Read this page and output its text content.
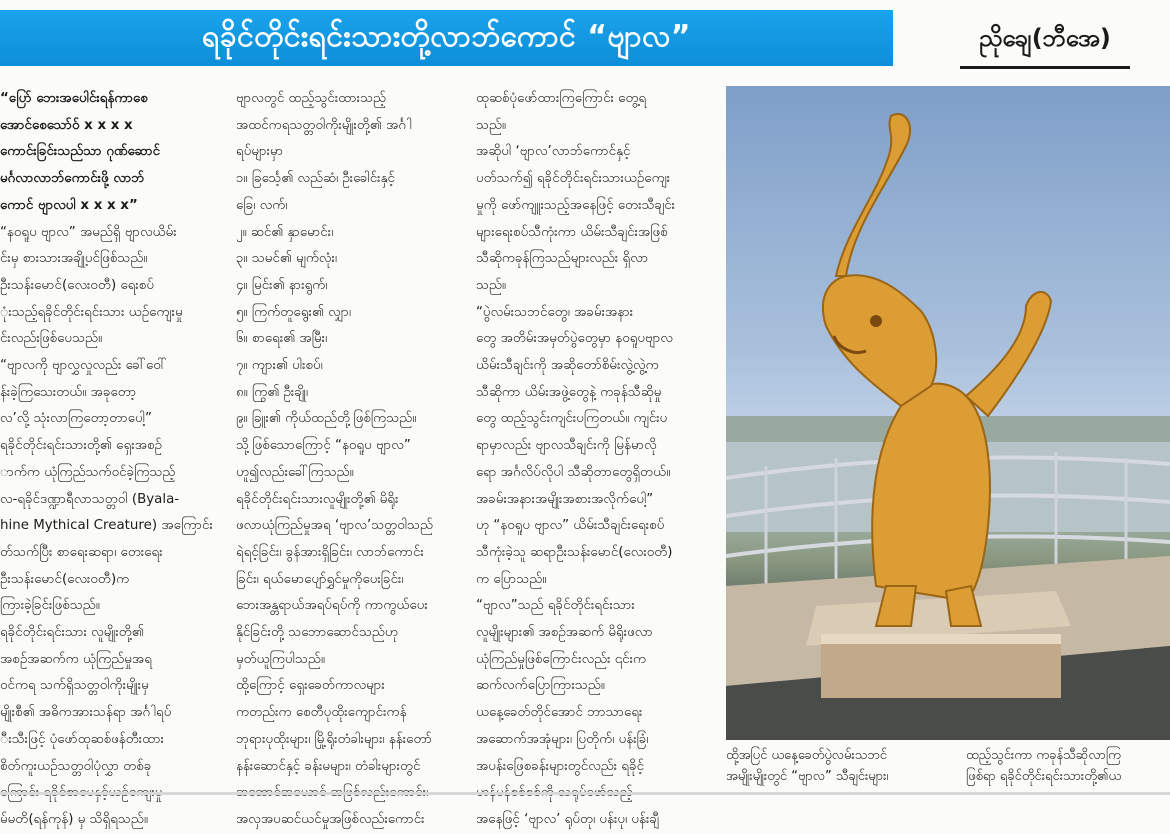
ရခိုင်တိုင်းရင်းသားတို့လာဘ်ကောင် “ဗျာလ”	ညိုချေ(ဘီအေ)

“ပြော် ဘေးအပေါင်းရန်ကာစေ

အောင်စေသော်ဝ် x x x x

ကောင်းခြင်းသည်သာ ဂုဏ်ဆောင်

မင်္ဂလာလာဘ်ကောင်းဖို့ လာဘ်

ကောင် ဗျာလပါ x x x x”

“နဝရူပ ဗျာလ” အမည်ရှိ ဗျာလယိမ်း

င်းမှ စားသားအချို့ပင်ဖြစ်သည်။

ဦးသန်းမောင်(လေးဝတီ) ရေးစပ်

ုံးသည့်ရခိုင်တိုင်းရင်းသား ယဉ်ကျေးမှု

င်းလည်းဖြစ်ပေသည်။

“ဗျာလကို ဗျာလွှလှုလည်း ခေါ်ဝေါ်

န်းခဲ့ကြသေးတယ်။ အခုတော့

လ’လို့ သုံးလာကြတော့တာပေါ့”

ရခိုင်တိုင်းရင်းသားတို့၏ ရှေးအစဉ်

ာက်က ယုံကြည်သက်ဝင်ခဲ့ကြသည့်

လ-ရခိုင်ဒဏ္ဍာရီလာသတ္တဝါ (Byala-

hine Mythical Creature) အကြောင်း

တ်သက်ပြီး စာရေးဆရာ၊ တေးရေး

ဦးသန်းမောင်(လေးဝတီ)က

ကြားခဲ့ခြင်းဖြစ်သည်။

ရခိုင်တိုင်းရင်းသား လူမျိုးတို့၏

အစဉ်အဆက်က ယုံကြည်မှုအရ

ဝင်ကရ သက်ရှိသတ္တဝါကိုးမျိုးမှ

မျိုးစီ၏ အဓိကအားသန်ရာ အင်္ဂါရပ်

ီးသီးဖြင့် ပုံဖော်ထုဆစ်ဖန်တီးထား

စိတ်ကူးယဉ်သတ္တဝါပုံလွှာ တစ်ခု

မ်မတိ(ရန်ကုန်) မှ သိရှိရသည်။

ဗျာလတွင် ထည့်သွင်းထားသည့်

အထင်ကရသတ္တဝါကိုးမျိုးတို့၏ အင်္ဂါ

ရပ်များမှာ

၁။ ခြင်္သေ့၏ လည်ဆံ၊ ဦးခေါင်းနှင့်

ခြေ၊ လက်၊

၂။ ဆင်၏ နှာမောင်း၊

၃။ သမင်၏ မျက်လုံး၊

၄။ မြင်း၏ နားရွက်၊

၅။ ကြက်တူရွေး၏ လျှာ၊

၆။ စာရေး၏ အမြီး၊

၇။ ကျား၏ ပါးစပ်၊

၈။ ကြွ၏ ဦးချို၊

၉။ ခြူး၏ ကိုယ်ထည်တို့ဖြစ်ကြသည်။

သို့ဖြစ်သောကြောင့် “နဝရူပ ဗျာလ”

ဟူ၍လည်းခေါ်ကြသည်။

ရခိုင်တိုင်းရင်းသားလူမျိုးတို့၏ မိရိုး

ဖလာယုံကြည်မှုအရ ‘ဗျာလ’သတ္တဝါသည်

ရဲရင့်ခြင်း၊ ခွန်အားရှိခြင်း၊ လာဘ်ကောင်း

ခြင်း၊ ရယ်မောပျော်ရွှင်မှုကိုပေးခြင်း၊

ဘေးအန္တရာယ်အရပ်ရပ်ကို ကာကွယ်ပေး

နိုင်ခြင်းတို့ သဘောဆောင်သည်ဟု

မှတ်ယူကြပါသည်။

ထို့ကြောင့် ရှေးခေတ်ကာလများ

ကတည်းက စေတီပုထိုးကျောင်းကန်

ဘုရားပုထိုးများ၊ မြို့ရိုးတံခါးများ၊ နန်းတော်

နန်းဆောင်နှင့် ခန်းမများ၊ တံခါးများတွင်

အလှအပဆင်ယင်မှုအဖြစ်လည်းကောင်း

ထုဆစ်ပုံဖော်ထားကြကြောင်း တွေ့ရ

သည်။

အဆိုပါ ‘ဗျာလ’လာဘ်ကောင်နှင့်

ပတ်သက်၍ ရခိုင်တိုင်းရင်းသားယဉ်ကျေး

မှုကို ဖော်ကျူးသည့်အနေဖြင့် တေးသီချင်း

များရေးစပ်သီကုံးကာ ယိမ်းသီချင်းအဖြစ်

သီဆိုကခုန်ကြသည်များလည်း ရှိလာ

သည်။

“ပွဲလမ်းသဘင်တွေ၊ အခမ်းအနား

တွေ အတိမ်းအမှတ်ပွဲတွေမှာ နဝရူပဗျာလ

ယိမ်းသီချင်းကို အဆိုတော်စိမ်းလွဲ့လွဲ့က

သီဆိုကာ ယိမ်းအဖွဲ့တွေနဲ့ ကခုန်သီဆိုမှု

တွေ ထည့်သွင်းကျင်းပကြတယ်။ ကျင်းပ

ရာမှာလည်း ဗျာလသီချင်းကို မြန်မာလို

ရော အင်္ဂလိပ်လိုပါ သီဆိုတာတွေရှိတယ်။

အခမ်းအနားအမျိုးအစားအလိုက်ပေါ့”

ဟု “နဝရူပ ဗျာလ” ယိမ်းသီချင်းရေးစပ်

သီကုံးခဲ့သူ ဆရာဦးသန်းမောင်(လေးဝတီ)

က ပြောသည်။

“ဗျာလ”သည် ရခိုင်တိုင်းရင်းသား

လူမျိုးများ၏ အစဉ်အဆက် မိရိုးဖလာ

ယုံကြည်မှုဖြစ်ကြောင်းလည်း ၎င်းက

ဆက်လက်ပြောကြားသည်။

ယနေ့ခေတ်တိုင်အောင် ဘာသာရေး

အဆောက်အအုံများ၊ ပြတိုက်၊ ပန်းခြံ၊

အပန်းဖြေစခန်းများတွင်လည်း ရခိုင့်

အနေဖြင့် ‘ဗျာလ’ ရုပ်တု၊ ပန်းပု၊ ပန်းချီ

ထို့အပြင် ယနေ့ခေတ်ပွဲလမ်းသဘင်

အမျိုးမျိုးတွင် “ဗျာလ” သီချင်းများ၊

ထည့်သွင်းကာ ကခုန်သီဆိုလာကြ

ဖြစ်ရာ ရခိုင်တိုင်းရင်းသားတို့၏ယ
